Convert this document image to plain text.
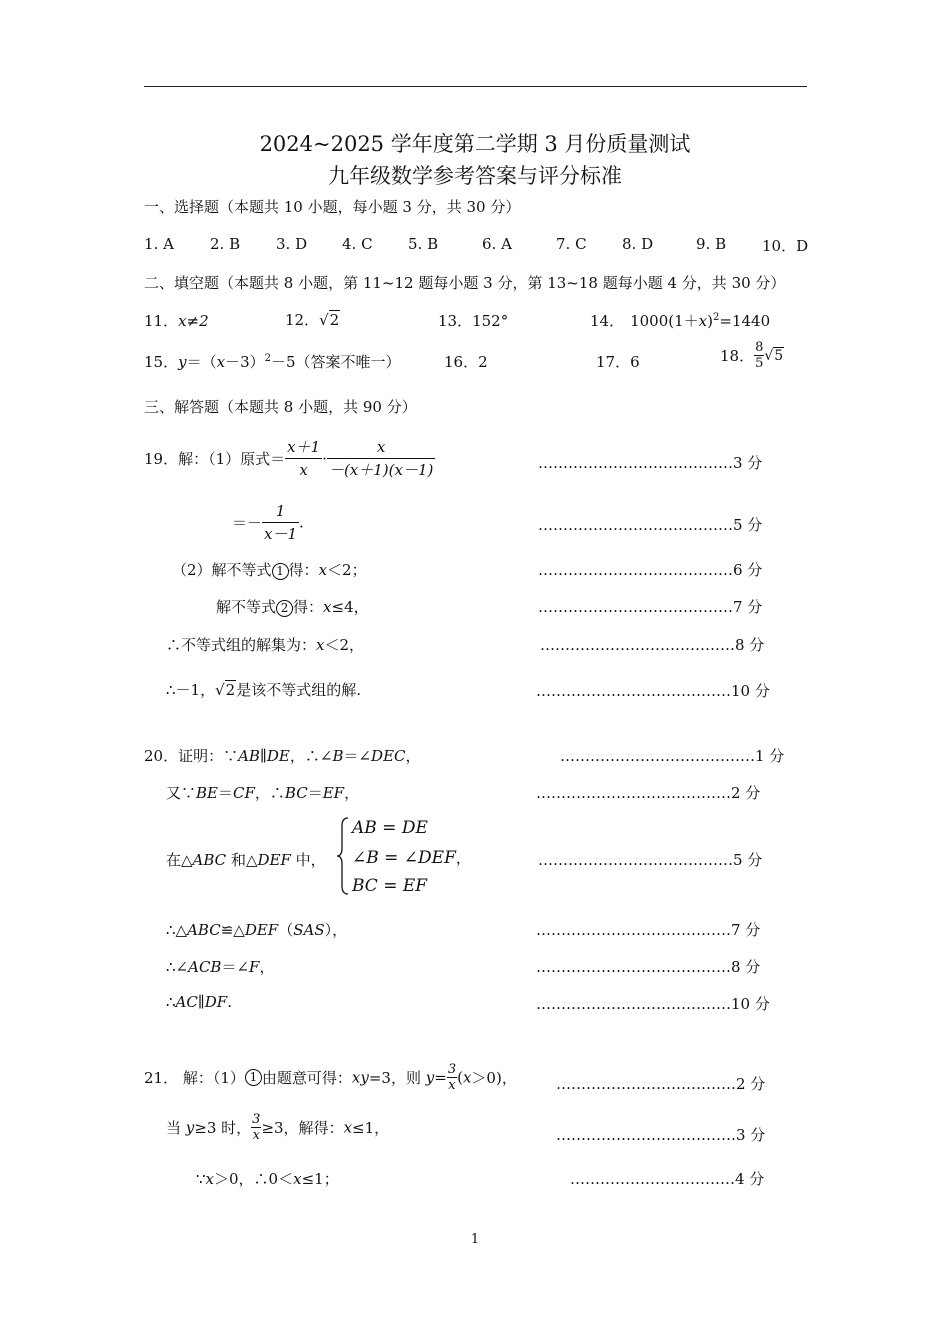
2024~2025 学年度第二学期 3 月份质量测试
九年级数学参考答案与评分标准
一、选择题（本题共 10 小题，每小题 3 分，共 30 分）
1. A 2. B 3. D 4. C 5. B	6. A	7. C 8. D	9. B 10．D
二、填空题（本题共 8 小题，第 11~12 题每小题 3 分，第 13~18 题每小题 4 分，共 30 分）
11．x≠2	12．√2	13．152°	14． $1000(1+x)^2=1440$
15．$y=(x-3)^2-5$（答案不唯一）	16．2	17．6	18． $\frac{8}{5} √5$
三、解答题（本题共 8 小题，共 90 分）
19．解：（1）原式＝ $\frac{x+1}{x} \cdot \frac{x}{-(x+1)(x-1)}$	…………………………………3 分
＝－ $\frac{1}{x-1}$ .	…………………………………5 分
（2）解不等式 1 得：x＜2；	…………………………………6 分
解不等式 2 得：x≤4，	…………………………………7 分
∴不等式组的解集为：x＜2，	…………………………………8 分
∴－1，√2是该不等式组的解.	…………………………………10 分
20．证明：∵AB∥DE，∴∠B＝∠DEC，	…………………………………1 分
又∵BE＝CF，∴BC＝EF，	…………………………………2 分
在△ABC 和△DEF 中，
AB = DE
∠B = ∠DEF，
BC = EF
…………………………………5 分
∴△ABC≌△DEF（SAS），	…………………………………7 分
∴∠ACB＝∠F，	…………………………………8 分
∴AC∥DF.	…………………………………10 分
21． 解：（1） 1 由题意可得：xy=3，则 $y= \frac{3}{x} (x>0)$，	………………………………2 分
当 y≥3 时， $\frac{3}{x} \ge 3$，解得：x≤1，	………………………………3 分
∵x＞0，∴0＜x≤1；	……………………………4 分
1
